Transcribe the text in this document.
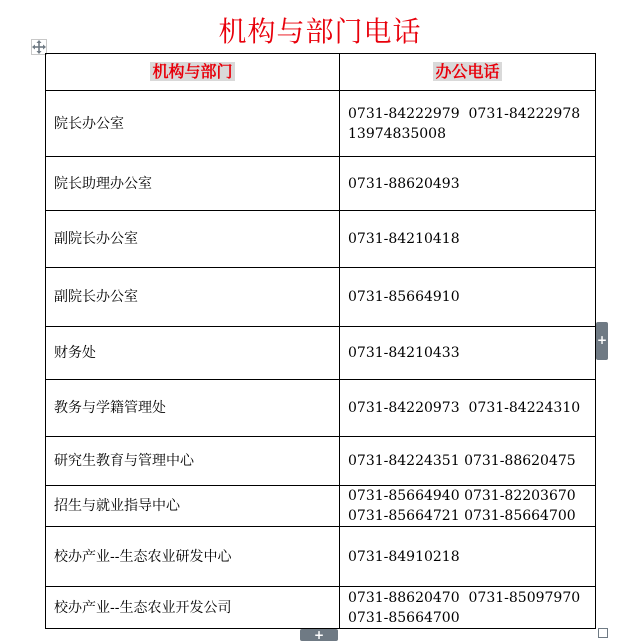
机构与部门电话
机构与部门	办公电话
院长办公室	0731-84222979  0731-84222978 13974835008
院长助理办公室	0731-88620493
副院长办公室	0731-84210418
副院长办公室	0731-85664910
财务处	0731-84210433
教务与学籍管理处	0731-84220973  0731-84224310
研究生教育与管理中心	0731-84224351 0731-88620475
招生与就业指导中心	0731-85664940 0731-82203670 0731-85664721 0731-85664700
校办产业--生态农业研发中心	0731-84910218
校办产业--生态农业开发公司	0731-88620470  0731-85097970 0731-85664700
+
+
